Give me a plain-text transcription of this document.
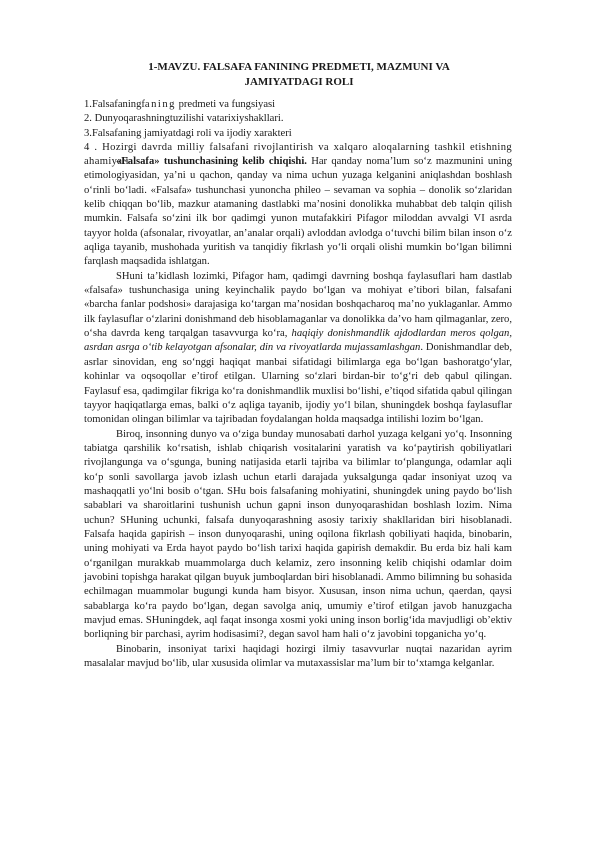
1-MAVZU. FALSAFA FANINING PREDMETI, MAZMUNI VA
JAMIYATDAGI ROLI
1.Falsafaningfaning predmeti va fungsiyasi
2. Dunyoqarashningtuzilishi vatarixiyshakllari.
3.Falsafaning jamiyatdagi roli va ijodiy xarakteri
4 . Hozirgi davrda milliy falsafani rivojlantirish va xalqaro aloqalarning tashkil etishning ahamiyati

«Falsafa» tushunchasining kelib chiqishi. Har qanday noma’lum so‘z mazmunini uning etimologiyasidan, ya’ni u qachon, qanday va nima uchun yuzaga kelganini aniqlashdan boshlash o‘rinli bo‘ladi. «Falsafa» tushunchasi yunoncha phileo – sevaman va sophia – donolik so‘zlaridan kelib chiqqan bo‘lib, mazkur atamaning dastlabki ma’nosini donolikka muhabbat deb talqin qilish mumkin. Falsafa so‘zini ilk bor qadimgi yunon mutafakkiri Pifagor miloddan avvalgi VI asrda tayyor holda (afsonalar, rivoyatlar, an’analar orqali) avloddan avlodga o‘tuvchi bilim bilan inson o‘z aqliga tayanib, mushohada yuritish va tanqidiy fikrlash yo‘li orqali olishi mumkin bo‘lgan bilimni farqlash maqsadida ishlatgan.

SHuni ta’kidlash lozimki, Pifagor ham, qadimgi davrning boshqa faylasuflari ham dastlab «falsafa» tushunchasiga uning keyinchalik paydo bo‘lgan va mohiyat e’tibori bilan, falsafani «barcha fanlar podshosi» darajasiga ko‘targan ma’nosidan boshqacharoq ma’no yuklaganlar. Ammo ilk faylasuflar o‘zlarini donishmand deb hisoblamaganlar va donolikka da’vo ham qilmaganlar, zero, o‘sha davrda keng tarqalgan tasavvurga ko‘ra, haqiqiy donishmandlik ajdodlardan meros qolgan, asrdan asrga o‘tib kelayotgan afsonalar, din va rivoyatlarda mujassamlashgan. Donishmandlar deb, asrlar sinovidan, eng so‘nggi haqiqat manbai sifatidagi bilimlarga ega bo‘lgan bashoratgo‘ylar, kohinlar va oqsoqollar e’tirof etilgan. Ularning so‘zlari birdan-bir to‘g‘ri deb qabul qilingan. Faylasuf esa, qadimgilar fikriga ko‘ra donishmandlik muxlisi bo‘lishi, e’tiqod sifatida qabul qilingan tayyor haqiqatlarga emas, balki o‘z aqliga tayanib, ijodiy yo‘l bilan, shuningdek boshqa faylasuflar tomonidan olingan bilimlar va tajribadan foydalangan holda maqsadga intilishi lozim bo‘lgan.

Biroq, insonning dunyo va o‘ziga bunday munosabati darhol yuzaga kelgani yo‘q. Insonning tabiatga qarshilik ko‘rsatish, ishlab chiqarish vositalarini yaratish va ko‘paytirish qobiliyatlari rivojlangunga va o‘sgunga, buning natijasida etarli tajriba va bilimlar to‘plangunga, odamlar aqli ko‘p sonli savollarga javob izlash uchun etarli darajada yuksalgunga qadar insoniyat uzoq va mashaqqatli yo‘lni bosib o‘tgan. SHu bois falsafaning mohiyatini, shuningdek uning paydo bo‘lish sabablari va sharoitlarini tushunish uchun gapni inson dunyoqarashidan boshlash lozim. Nima uchun? SHuning uchunki, falsafa dunyoqarashning asosiy tarixiy shakllaridan biri hisoblanadi. Falsafa haqida gapirish – inson dunyoqarashi, uning oqilona fikrlash qobiliyati haqida, binobarin, uning mohiyati va Erda hayot paydo bo‘lish tarixi haqida gapirish demakdir. Bu erda biz hali kam o‘rganilgan murakkab muammolarga duch kelamiz, zero insonning kelib chiqishi odamlar doim javobini topishga harakat qilgan buyuk jumboqlardan biri hisoblanadi. Ammo bilimning bu sohasida echilmagan muammolar bugungi kunda ham bisyor. Xususan, inson nima uchun, qaerdan, qaysi sabablarga ko‘ra paydo bo‘lgan, degan savolga aniq, umumiy e’tirof etilgan javob hanuzgacha mavjud emas. SHuningdek, aql faqat insonga xosmi yoki uning inson borlig‘ida mavjudligi ob’ektiv borliqning bir parchasi, ayrim hodisasimi?, degan savol ham hali o‘z javobini topganicha yo‘q.

Binobarin, insoniyat tarixi haqidagi hozirgi ilmiy tasavvurlar nuqtai nazaridan ayrim masalalar mavjud bo‘lib, ular xususida olimlar va mutaxassislar ma’lum bir to‘xtamga kelganlar.
